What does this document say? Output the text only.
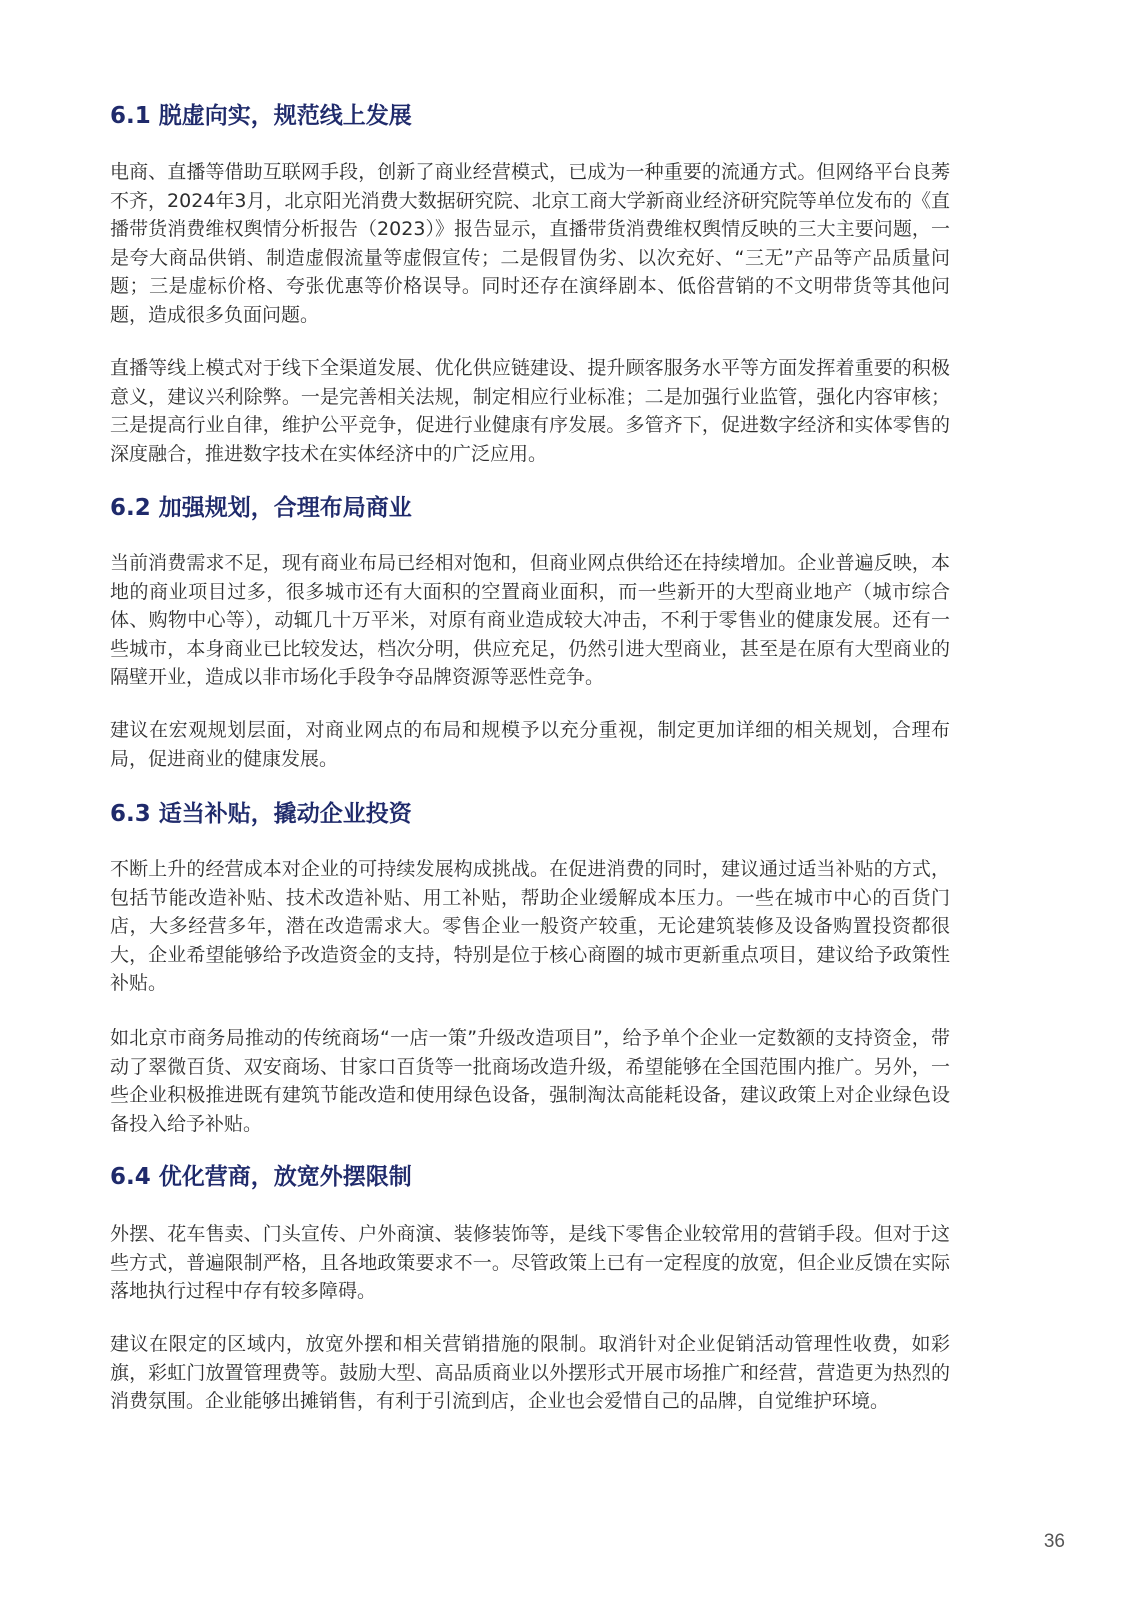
6.1 脱虚向实，规范线上发展

电商、直播等借助互联网手段，创新了商业经营模式，已成为一种重要的流通方式。但网络平台良莠不齐，2024年3月，北京阳光消费大数据研究院、北京工商大学新商业经济研究院等单位发布的《直播带货消费维权舆情分析报告（2023）》报告显示，直播带货消费维权舆情反映的三大主要问题，一是夸大商品供销、制造虚假流量等虚假宣传；二是假冒伪劣、以次充好、“三无”产品等产品质量问题；三是虚标价格、夸张优惠等价格误导。同时还存在演绎剧本、低俗营销的不文明带货等其他问题，造成很多负面问题。

直播等线上模式对于线下全渠道发展、优化供应链建设、提升顾客服务水平等方面发挥着重要的积极意义，建议兴利除弊。一是完善相关法规，制定相应行业标准；二是加强行业监管，强化内容审核；三是提高行业自律，维护公平竞争，促进行业健康有序发展。多管齐下，促进数字经济和实体零售的深度融合，推进数字技术在实体经济中的广泛应用。

6.2 加强规划，合理布局商业

当前消费需求不足，现有商业布局已经相对饱和，但商业网点供给还在持续增加。企业普遍反映，本地的商业项目过多，很多城市还有大面积的空置商业面积，而一些新开的大型商业地产（城市综合体、购物中心等），动辄几十万平米，对原有商业造成较大冲击，不利于零售业的健康发展。还有一些城市，本身商业已比较发达，档次分明，供应充足，仍然引进大型商业，甚至是在原有大型商业的隔壁开业，造成以非市场化手段争夺品牌资源等恶性竞争。

建议在宏观规划层面，对商业网点的布局和规模予以充分重视，制定更加详细的相关规划，合理布局，促进商业的健康发展。

6.3 适当补贴，撬动企业投资

不断上升的经营成本对企业的可持续发展构成挑战。在促进消费的同时，建议通过适当补贴的方式，包括节能改造补贴、技术改造补贴、用工补贴，帮助企业缓解成本压力。一些在城市中心的百货门店，大多经营多年，潜在改造需求大。零售企业一般资产较重，无论建筑装修及设备购置投资都很大，企业希望能够给予改造资金的支持，特别是位于核心商圈的城市更新重点项目，建议给予政策性补贴。

如北京市商务局推动的传统商场“一店一策”升级改造项目”，给予单个企业一定数额的支持资金，带动了翠微百货、双安商场、甘家口百货等一批商场改造升级，希望能够在全国范围内推广。另外，一些企业积极推进既有建筑节能改造和使用绿色设备，强制淘汰高能耗设备，建议政策上对企业绿色设备投入给予补贴。

6.4 优化营商，放宽外摆限制

外摆、花车售卖、门头宣传、户外商演、装修装饰等，是线下零售企业较常用的营销手段。但对于这些方式，普遍限制严格，且各地政策要求不一。尽管政策上已有一定程度的放宽，但企业反馈在实际落地执行过程中存有较多障碍。

建议在限定的区域内，放宽外摆和相关营销措施的限制。取消针对企业促销活动管理性收费，如彩旗，彩虹门放置管理费等。鼓励大型、高品质商业以外摆形式开展市场推广和经营，营造更为热烈的消费氛围。企业能够出摊销售，有利于引流到店，企业也会爱惜自己的品牌，自觉维护环境。

36
